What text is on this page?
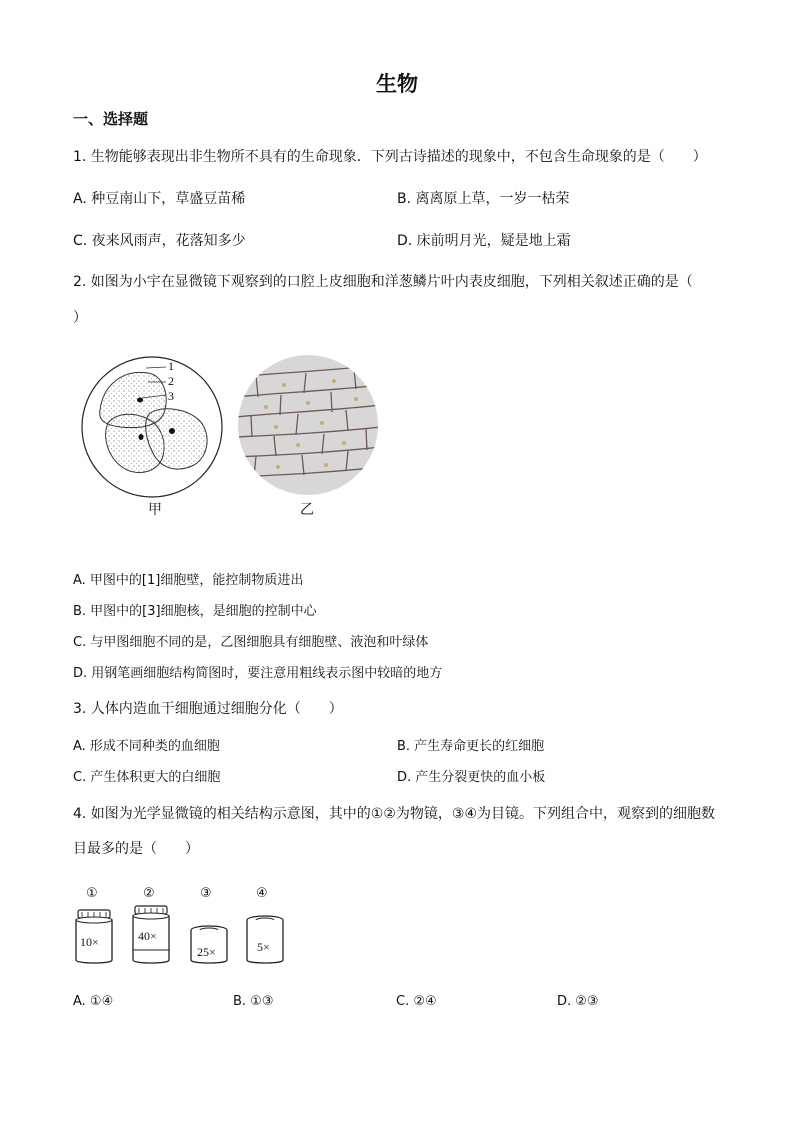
生物
一、选择题
1. 生物能够表现出非生物所不具有的生命现象．下列古诗描述的现象中，不包含生命现象的是（　　）
A. 种豆南山下，草盛豆苗稀	B. 离离原上草，一岁一枯荣
C. 夜来风雨声，花落知多少	D. 床前明月光，疑是地上霜
2. 如图为小宇在显微镜下观察到的口腔上皮细胞和洋葱鳞片叶内表皮细胞，下列相关叙述正确的是（
）
1
2
3
甲	乙
A. 甲图中的[1]细胞壁，能控制物质进出
B. 甲图中的[3]细胞核，是细胞的控制中心
C. 与甲图细胞不同的是，乙图细胞具有细胞壁、液泡和叶绿体
D. 用钢笔画细胞结构简图时，要注意用粗线表示图中较暗的地方
3. 人体内造血干细胞通过细胞分化（　　）
A. 形成不同种类的血细胞	B. 产生寿命更长的红细胞
C. 产生体积更大的白细胞	D. 产生分裂更快的血小板
4. 如图为光学显微镜的相关结构示意图，其中的①②为物镜，③④为目镜。下列组合中，观察到的细胞数
目最多的是（　　）
①	②	③	④
10×	40×
25×	5×
A. ①④	B. ①③	C. ②④	D. ②③
